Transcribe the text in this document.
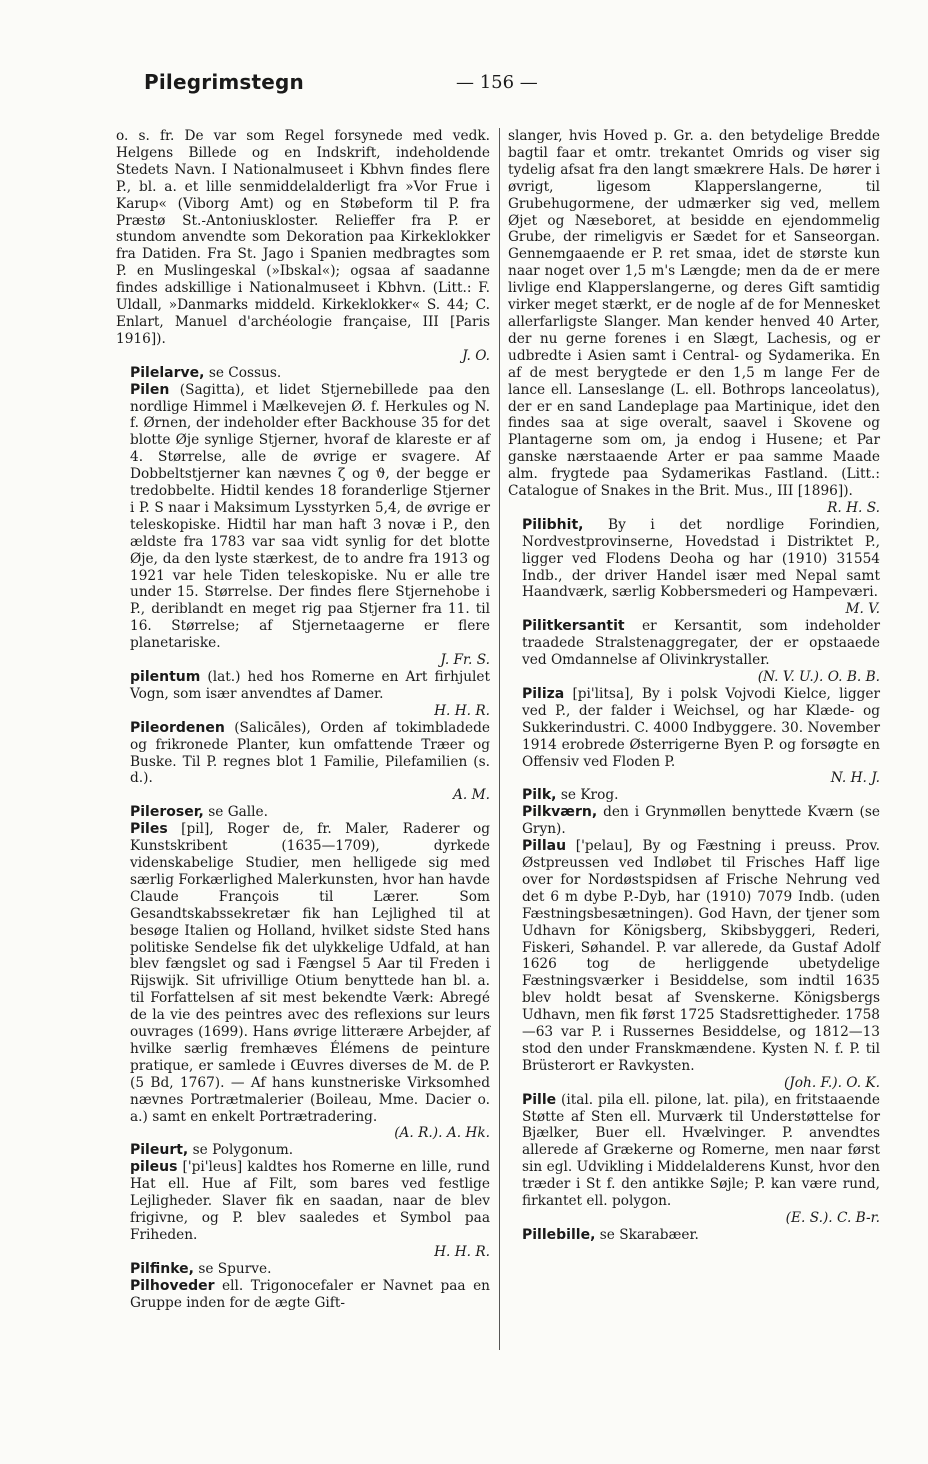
Pilegrimstegn	— 156 —

o. s. fr. De var som Regel forsynede med vedk. Helgens Billede og en Indskrift, indeholdende Stedets Navn. I Nationalmuseet i Kbhvn findes flere P., bl. a. et lille senmiddelalderligt fra »Vor Frue i Karup« (Viborg Amt) og en Støbeform til P. fra Præstø St.-Antoniuskloster. Relieffer fra P. er stundom anvendte som Dekoration paa Kirkeklokker fra Datiden. Fra St. Jago i Spanien medbragtes som P. en Muslingeskal (»Ibskal«); ogsaa af saadanne findes adskillige i Nationalmuseet i Kbhvn. (Litt.: F. Uldall, »Danmarks middeld. Kirkeklokker« S. 44; C. Enlart, Manuel d'archéologie française, III [Paris 1916]).
J. O.

Pilelarve, se Cossus.

Pilen (Sagitta), et lidet Stjernebillede paa den nordlige Himmel i Mælkevejen Ø. f. Herkules og N. f. Ørnen, der indeholder efter Backhouse 35 for det blotte Øje synlige Stjerner, hvoraf de klareste er af 4. Størrelse, alle de øvrige er svagere. Af Dobbeltstjerner kan nævnes ζ og ϑ, der begge er tredobbelte. Hidtil kendes 18 foranderlige Stjerner i P. S naar i Maksimum Lysstyrken 5,4, de øvrige er teleskopiske. Hidtil har man haft 3 novæ i P., den ældste fra 1783 var saa vidt synlig for det blotte Øje, da den lyste stærkest, de to andre fra 1913 og 1921 var hele Tiden teleskopiske. Nu er alle tre under 15. Størrelse. Der findes flere Stjernehobe i P., deriblandt en meget rig paa Stjerner fra 11. til 16. Størrelse; af Stjernetaagerne er flere planetariske.
J. Fr. S.

pilentum (lat.) hed hos Romerne en Art firhjulet Vogn, som især anvendtes af Damer.
H. H. R.

Pileordenen (Salicāles), Orden af tokimbladede og frikronede Planter, kun omfattende Træer og Buske. Til P. regnes blot 1 Familie, Pilefamilien (s. d.).
A. M.

Pileroser, se Galle.

Piles [pil], Roger de, fr. Maler, Raderer og Kunstskribent (1635—1709), dyrkede videnskabelige Studier, men helligede sig med særlig Forkærlighed Malerkunsten, hvor han havde Claude François til Lærer. Som Gesandtskabssekretær fik han Lejlighed til at besøge Italien og Holland, hvilket sidste Sted hans politiske Sendelse fik det ulykkelige Udfald, at han blev fængslet og sad i Fængsel 5 Aar til Freden i Rijswijk. Sit ufrivillige Otium benyttede han bl. a. til Forfattelsen af sit mest bekendte Værk: Abregé de la vie des peintres avec des reflexions sur leurs ouvrages (1699). Hans øvrige litterære Arbejder, af hvilke særlig fremhæves Élémens de peinture pratique, er samlede i Œuvres diverses de M. de P. (5 Bd, 1767). — Af hans kunstneriske Virksomhed nævnes Portrætmalerier (Boileau, Mme. Dacier o. a.) samt en enkelt Portrætradering.
(A. R.). A. Hk.

Pileurt, se Polygonum.

pileus ['pi'leus] kaldtes hos Romerne en lille, rund Hat ell. Hue af Filt, som bares ved festlige Lejligheder. Slaver fik en saadan, naar de blev frigivne, og P. blev saaledes et Symbol paa Friheden.
H. H. R.

Pilfinke, se Spurve.

Pilhoveder ell. Trigonocefaler er Navnet paa en Gruppe inden for de ægte Gift-

slanger, hvis Hoved p. Gr. a. den betydelige Bredde bagtil faar et omtr. trekantet Omrids og viser sig tydelig afsat fra den langt smækrere Hals. De hører i øvrigt, ligesom Klapperslangerne, til Grubehugormene, der udmærker sig ved, mellem Øjet og Næseboret, at besidde en ejendommelig Grube, der rimeligvis er Sædet for et Sanseorgan. Gennemgaaende er P. ret smaa, idet de største kun naar noget over 1,5 m's Længde; men da de er mere livlige end Klapperslangerne, og deres Gift samtidig virker meget stærkt, er de nogle af de for Mennesket allerfarligste Slanger. Man kender henved 40 Arter, der nu gerne forenes i en Slægt, Lachesis, og er udbredte i Asien samt i Central- og Sydamerika. En af de mest berygtede er den 1,5 m lange Fer de lance ell. Lanseslange (L. ell. Bothrops lanceolatus), der er en sand Landeplage paa Martinique, idet den findes saa at sige overalt, saavel i Skovene og Plantagerne som om, ja endog i Husene; et Par ganske nærstaaende Arter er paa samme Maade alm. frygtede paa Sydamerikas Fastland. (Litt.: Catalogue of Snakes in the Brit. Mus., III [1896]).
R. H. S.

Pilibhit, By i det nordlige Forindien, Nordvestprovinserne, Hovedstad i Distriktet P., ligger ved Flodens Deoha og har (1910) 31554 Indb., der driver Handel især med Nepal samt Haandværk, særlig Kobbersmederi og Hampeværi.
M. V.

Pilitkersantit er Kersantit, som indeholder traadede Stralstenaggregater, der er opstaaede ved Omdannelse af Olivinkrystaller.
(N. V. U.). O. B. B.

Piliza [pi'litsa], By i polsk Vojvodi Kielce, ligger ved P., der falder i Weichsel, og har Klæde- og Sukkerindustri. C. 4000 Indbyggere. 30. November 1914 erobrede Østerrigerne Byen P. og forsøgte en Offensiv ved Floden P.
N. H. J.

Pilk, se Krog.

Pilkværn, den i Grynmøllen benyttede Kværn (se Gryn).

Pillau ['pelau], By og Fæstning i preuss. Prov. Østpreussen ved Indløbet til Frisches Haff lige over for Nordøstspidsen af Frische Nehrung ved det 6 m dybe P.-Dyb, har (1910) 7079 Indb. (uden Fæstningsbesætningen). God Havn, der tjener som Udhavn for Königsberg, Skibsbyggeri, Rederi, Fiskeri, Søhandel. P. var allerede, da Gustaf Adolf 1626 tog de herliggende ubetydelige Fæstningsværker i Besiddelse, som indtil 1635 blev holdt besat af Svenskerne. Königsbergs Udhavn, men fik først 1725 Stadsrettigheder. 1758—63 var P. i Russernes Besiddelse, og 1812—13 stod den under Franskmændene. Kysten N. f. P. til Brüsterort er Ravkysten.
(Joh. F.). O. K.

Pille (ital. pila ell. pilone, lat. pila), en fritstaaende Støtte af Sten ell. Murværk til Understøttelse for Bjælker, Buer ell. Hvælvinger. P. anvendtes allerede af Grækerne og Romerne, men naar først sin egl. Udvikling i Middelalderens Kunst, hvor den træder i St f. den antikke Søjle; P. kan være rund, firkantet ell. polygon.
(E. S.). C. B-r.

Pillebille, se Skarabæer.
